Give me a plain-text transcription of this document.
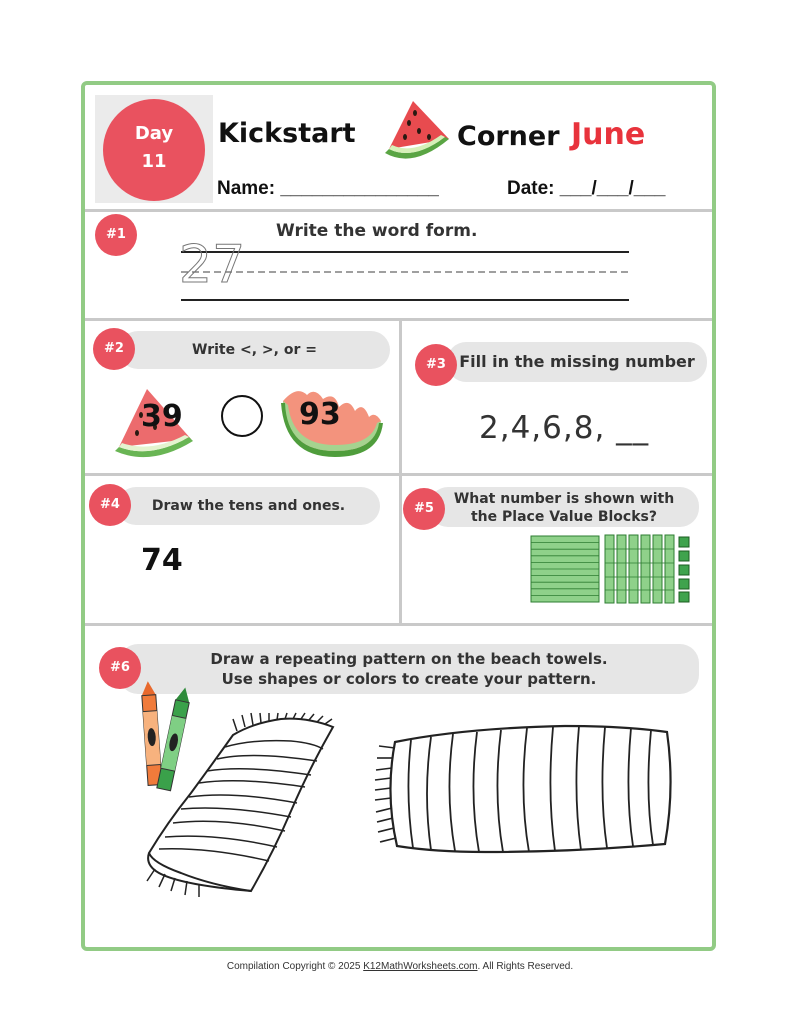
Day
11
Kickstart	Corner June
Name: _______________	Date: ___/___/___
#1	Write the word form.
27
Write <, >, or =
#2
39	93
Fill in the missing number
#3
2,4,6,8, __
Draw the tens and ones.
#4
74
What number is shown with
the Place Value Blocks?
#5
Draw a repeating pattern on the beach towels.
Use shapes or colors to create your pattern.
#6
Compilation Copyright © 2025 K12MathWorksheets.com. All Rights Reserved.
